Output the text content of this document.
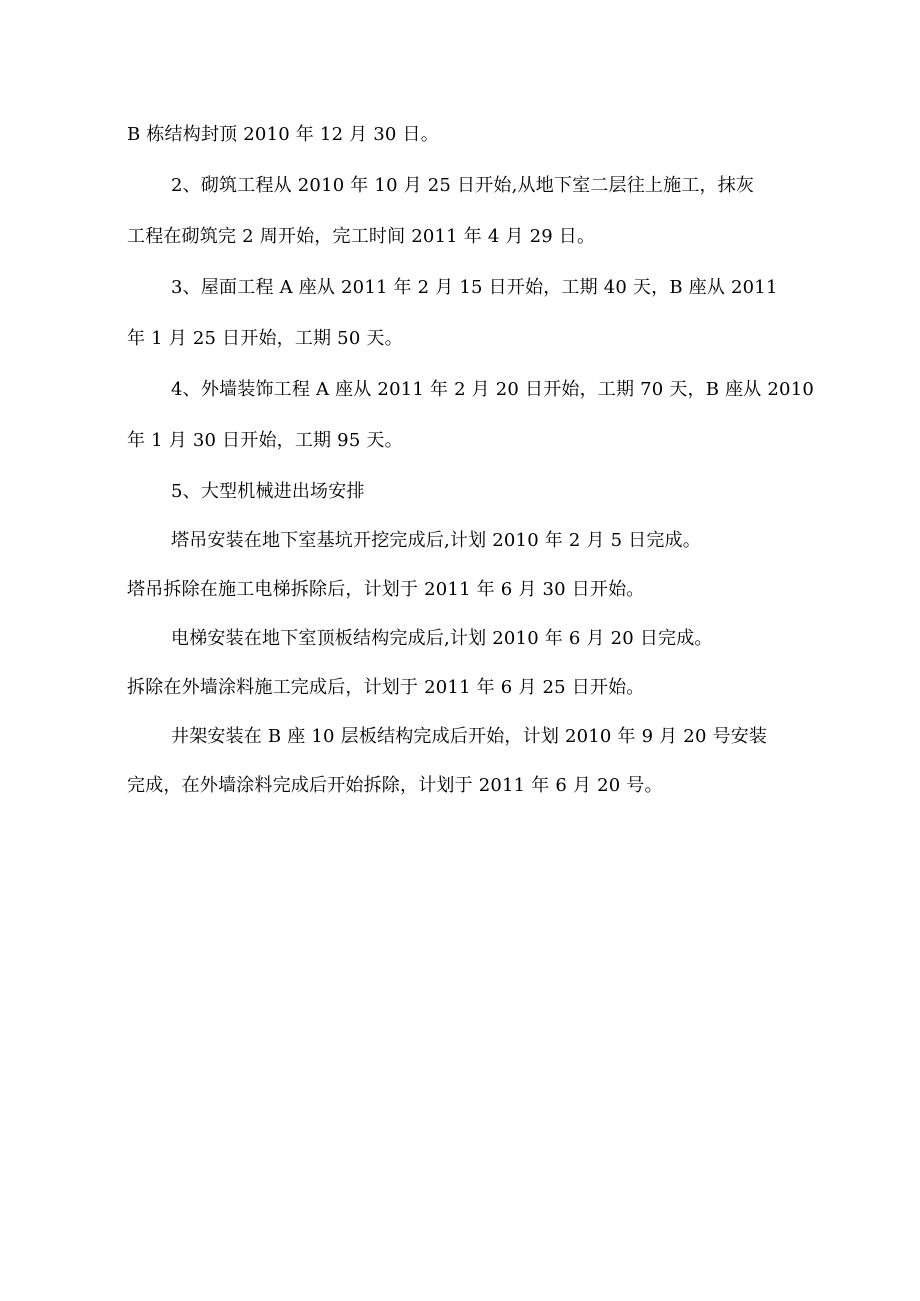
B 栋结构封顶 2010 年 12 月 30 日。
2、砌筑工程从 2010 年 10 月 25 日开始,从地下室二层往上施工，抹灰
工程在砌筑完 2 周开始，完工时间 2011 年 4 月 29 日。
3、屋面工程 A 座从 2011 年 2 月 15 日开始，工期 40 天，B 座从 2011
年 1 月 25 日开始，工期 50 天。
4、外墙装饰工程 A 座从 2011 年 2 月 20 日开始，工期 70 天，B 座从 2010
年 1 月 30 日开始，工期 95 天。
5、大型机械进出场安排
塔吊安装在地下室基坑开挖完成后,计划 2010 年 2 月 5 日完成。
塔吊拆除在施工电梯拆除后，计划于 2011 年 6 月 30 日开始。
电梯安装在地下室顶板结构完成后,计划 2010 年 6 月 20 日完成。
拆除在外墙涂料施工完成后，计划于 2011 年 6 月 25 日开始。
井架安装在 B 座 10 层板结构完成后开始，计划 2010 年 9 月 20 号安装
完成，在外墙涂料完成后开始拆除，计划于 2011 年 6 月 20 号。
